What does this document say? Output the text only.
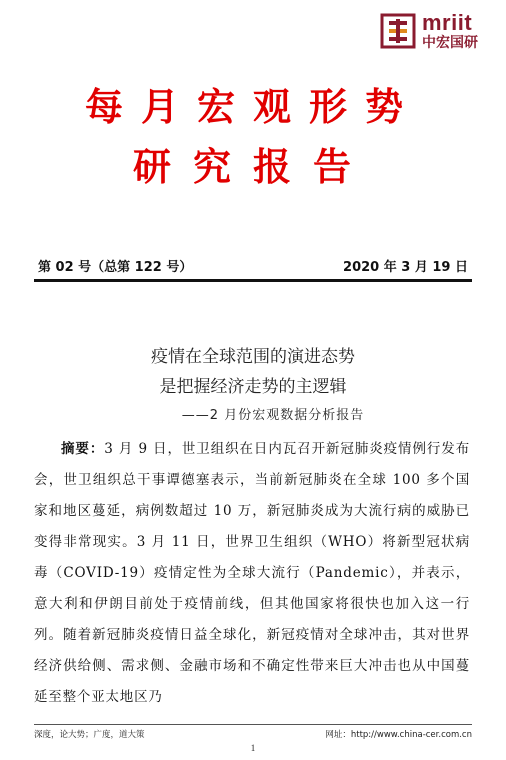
mriit
中宏国研
每月宏观形势
研究报告
第 02 号（总第 122 号）	2020 年 3 月 19 日
疫情在全球范围的演进态势
是把握经济走势的主逻辑
——2 月份宏观数据分析报告
摘要：3 月 9 日，世卫组织在日内瓦召开新冠肺炎疫情例行发布会，世卫组织总干事谭德塞表示，当前新冠肺炎在全球 100 多个国家和地区蔓延，病例数超过 10 万，新冠肺炎成为大流行病的威胁已变得非常现实。3 月 11 日，世界卫生组织（WHO）将新型冠状病毒（COVID-19）疫情定性为全球大流行（Pandemic），并表示，意大利和伊朗目前处于疫情前线，但其他国家将很快也加入这一行列。随着新冠肺炎疫情日益全球化，新冠疫情对全球冲击，其对世界经济供给侧、需求侧、金融市场和不确定性带来巨大冲击也从中国蔓延至整个亚太地区乃
深度，论大势；广度，道大策	网址：http://www.china-cer.com.cn
1
